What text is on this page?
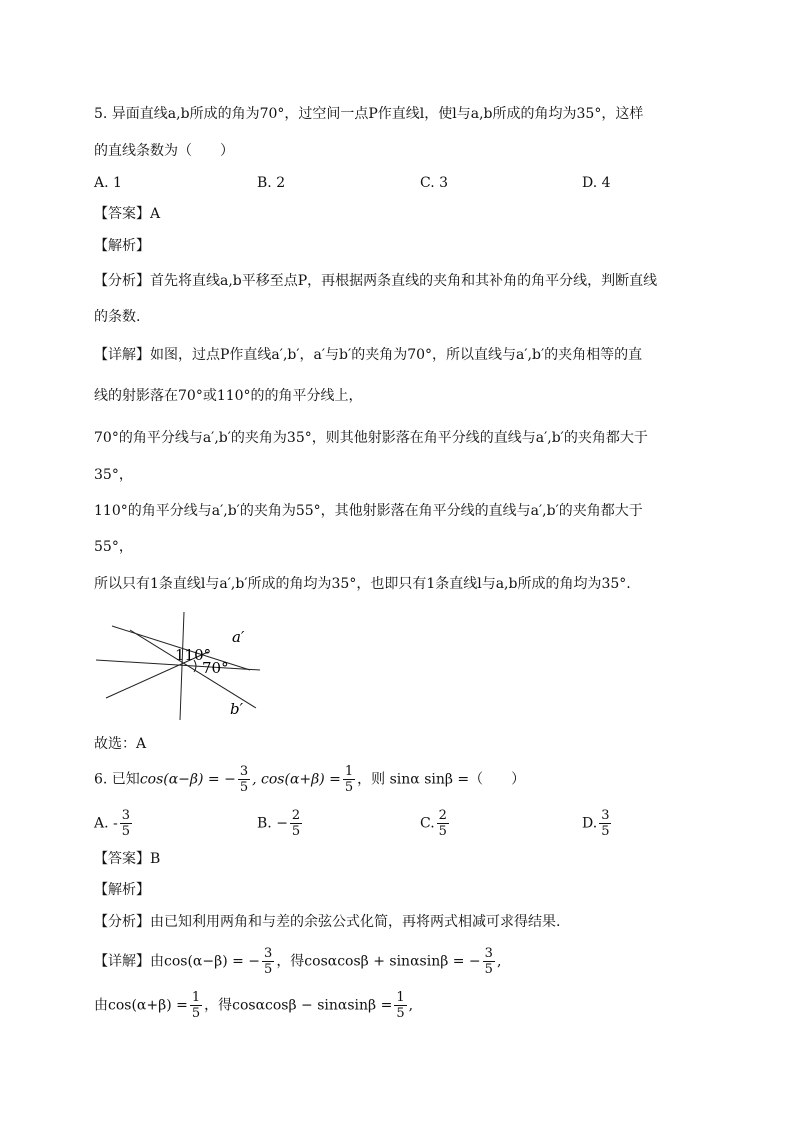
5. 异面直线a,b所成的角为70°，过空间一点P作直线l，使l与a,b所成的角均为35°，这样
的直线条数为（　　）
A. 1	B. 2	C. 3	D. 4
【答案】A
【解析】
【分析】首先将直线a,b平移至点P，再根据两条直线的夹角和其补角的角平分线，判断直线
的条数.
【详解】如图，过点P作直线a′,b′，a′与b′的夹角为70°，所以直线与a′,b′的夹角相等的直
线的射影落在70°或110°的的角平分线上，
70°的角平分线与a′,b′的夹角为35°，则其他射影落在角平分线的直线与a′,b′的夹角都大于
35°，
110°的角平分线与a′,b′的夹角为55°，其他射影落在角平分线的直线与a′,b′的夹角都大于
55°，
所以只有1条直线l与a′,b′所成的角均为35°，也即只有1条直线l与a,b所成的角均为35°.
110°
70°
a′
b′
故选：A
6. 已知cos(α−β) = − $\frac{3}{5}$ , $\cos(\alpha+\beta) = \frac{1}{5}$ ，则 sinα sinβ =（　　）
A. - $\frac{3}{5}$	B. − $\frac{2}{5}$	C. $\frac{2}{5}$	D. $\frac{3}{5}$
【答案】B
【解析】
【分析】由已知利用两角和与差的余弦公式化简，再将两式相减可求得结果.
【详解】由cos(α−β) = − $\frac{3}{5}$ ，得cosαcosβ + sinαsinβ = − $\frac{3}{5}$ ,
由$\cos(\alpha+\beta) = \frac{1}{5}$ ，得$\cos\alpha\cos\beta - \sin\alpha\sin\beta = \frac{1}{5}$ ,
